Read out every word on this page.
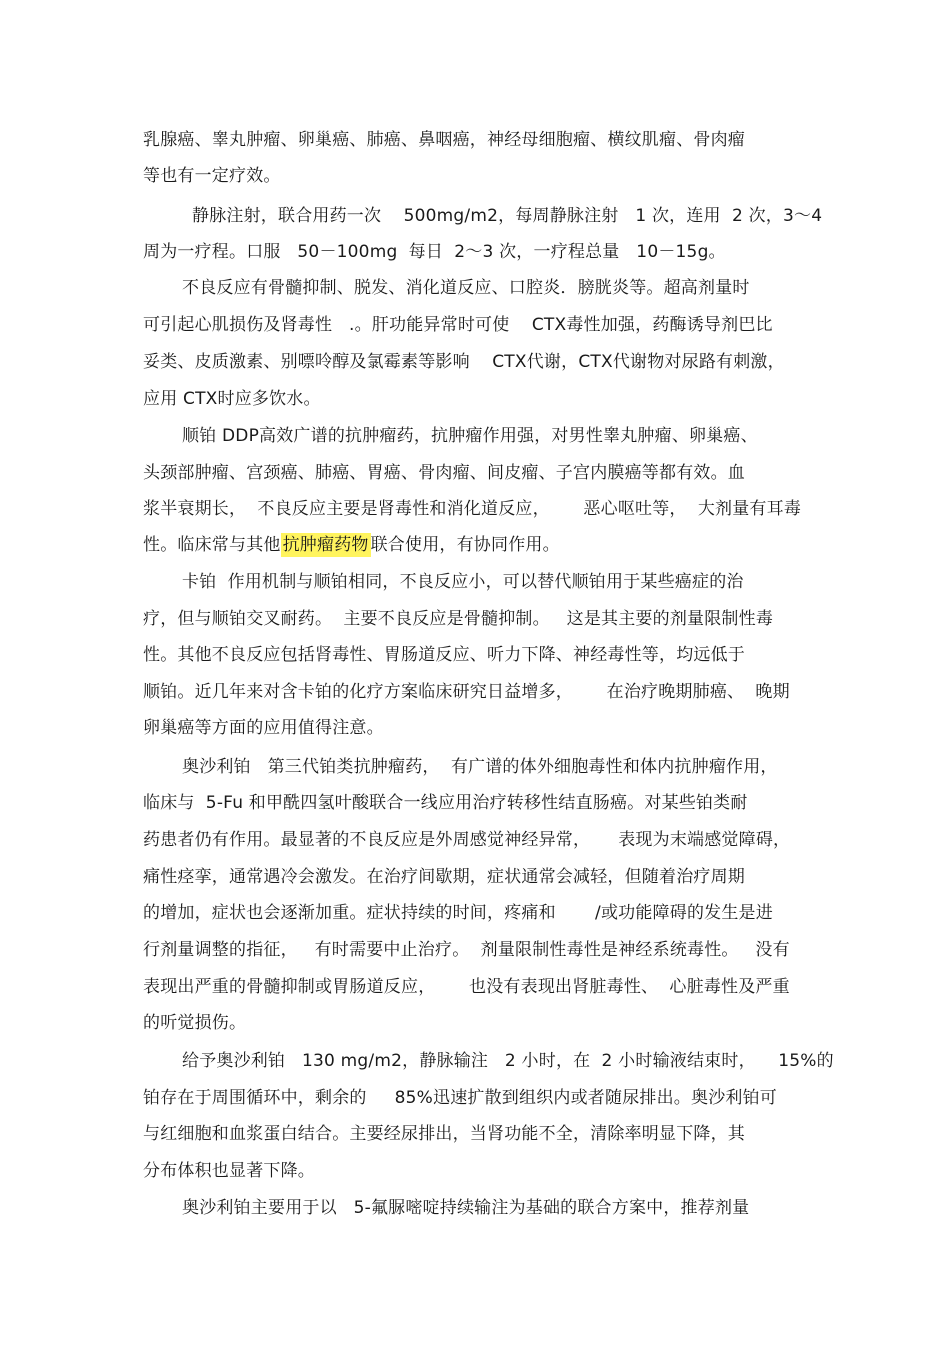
乳腺癌、睾丸肿瘤、卵巢癌、肺癌、鼻咽癌，神经母细胞瘤、横纹肌瘤、骨肉瘤
等也有一定疗效。
静脉注射，联合用药一次    500mg/m2，每周静脉注射   1 次，连用  2 次，3～4
周为一疗程。口服   50－100mg  每日  2～3 次，一疗程总量   10－15g。
不良反应有骨髓抑制、脱发、消化道反应、口腔炎．膀胱炎等。超高剂量时
可引起心肌损伤及肾毒性   .。肝功能异常时可使    CTX毒性加强，药酶诱导剂巴比
妥类、皮质激素、别嘌呤醇及氯霉素等影响    CTX代谢，CTX代谢物对尿路有刺激，
应用 CTX时应多饮水。
顺铂 DDP高效广谱的抗肿瘤药，抗肿瘤作用强，对男性睾丸肿瘤、卵巢癌、
头颈部肿瘤、宫颈癌、肺癌、胃癌、骨肉瘤、间皮瘤、子宫内膜癌等都有效。血
浆半衰期长，  不良反应主要是肾毒性和消化道反应，      恶心呕吐等，  大剂量有耳毒
性。临床常与其他 抗肿瘤药物 联合使用，有协同作用。
卡铂  作用机制与顺铂相同，不良反应小，可以替代顺铂用于某些癌症的治
疗，但与顺铂交叉耐药。  主要不良反应是骨髓抑制。   这是其主要的剂量限制性毒
性。其他不良反应包括肾毒性、胃肠道反应、听力下降、神经毒性等，均远低于
顺铂。近几年来对含卡铂的化疗方案临床研究日益增多，      在治疗晚期肺癌、  晚期
卵巢癌等方面的应用值得注意。
奥沙利铂   第三代铂类抗肿瘤药，  有广谱的体外细胞毒性和体内抗肿瘤作用，
临床与  5-Fu 和甲酰四氢叶酸联合一线应用治疗转移性结直肠癌。对某些铂类耐
药患者仍有作用。最显著的不良反应是外周感觉神经异常，     表现为末端感觉障碍，
痛性痉挛，通常遇冷会激发。在治疗间歇期，症状通常会减轻，但随着治疗周期
的增加，症状也会逐渐加重。症状持续的时间，疼痛和       /或功能障碍的发生是进
行剂量调整的指征，   有时需要中止治疗。  剂量限制性毒性是神经系统毒性。   没有
表现出严重的骨髓抑制或胃肠道反应，      也没有表现出肾脏毒性、  心脏毒性及严重
的听觉损伤。
给予奥沙利铂   130 mg/m2，静脉输注   2 小时，在  2 小时输液结束时，    15%的
铂存在于周围循环中，剩余的     85%迅速扩散到组织内或者随尿排出。奥沙利铂可
与红细胞和血浆蛋白结合。主要经尿排出，当肾功能不全，清除率明显下降，其
分布体积也显著下降。
奥沙利铂主要用于以   5-氟脲嘧啶持续输注为基础的联合方案中，推荐剂量
